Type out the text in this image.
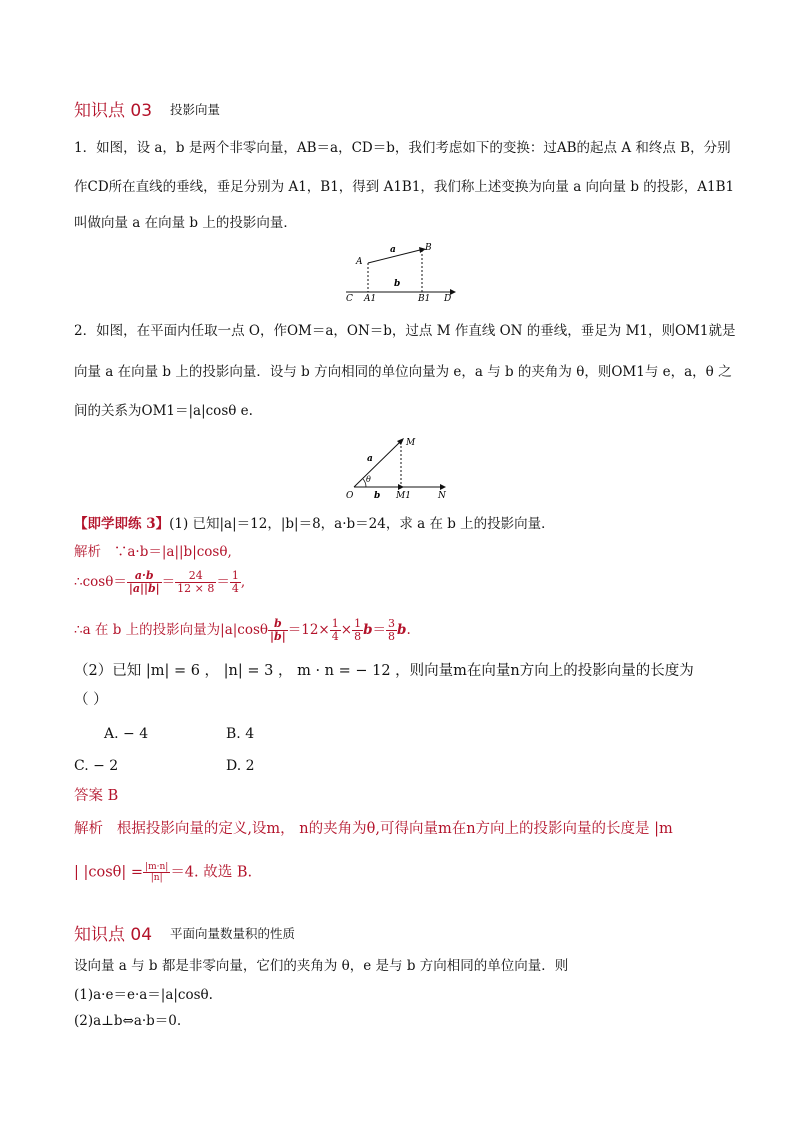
知识点 03 投影向量
1．如图，设 a，b 是两个非零向量，AB＝a，CD＝b，我们考虑如下的变换：过AB的起点 A 和终点 B，分别
作CD所在直线的垂线，垂足分别为 A1，B1，得到 A1B1，我们称上述变换为向量 a 向向量 b 的投影，A1B1
叫做向量 a 在向量 b 上的投影向量．
a
b
A
B
C A1	B1 D
2．如图，在平面内任取一点 O，作OM＝a，ON＝b，过点 M 作直线 ON 的垂线，垂足为 M1，则OM1就是
向量 a 在向量 b 上的投影向量．设与 b 方向相同的单位向量为 e，a 与 b 的夹角为 θ，则OM1与 e，a，θ 之
间的关系为OM1＝|a|cosθ e.
M
a
θ
O b M1	N
【即学即练 3】(1) 已知|a|＝12，|b|＝8，a·b＝24，求 a 在 b 上的投影向量．
解析 ∵a·b＝|a||b|cosθ,
∴cosθ＝ $\frac{a\cdot b}{|a||b|} = \frac{24}{12 \times 8} = \frac{1}{4}$ ,
∴a 在 b 上的投影向量为$|a|\cos\theta \frac{b}{|b|} =12\times \frac{1}{4} \times \frac{1}{8} b= \frac{3}{8} b$.
（2）已知 |m| = 6 ， |n| = 3 ， m · n = − 12 ，则向量m在向量n方向上的投影向量的长度为
（ ）
A. − 4	B. 4
C. − 2	D. 2
答案 B
解析 根据投影向量的定义,设m， n的夹角为θ,可得向量m在n方向上的投影向量的长度是 |m
| $|\cos\theta| = \frac{|m\cdot n|}{|n|} =4$. 故选 B.
知识点 04 平面向量数量积的性质
设向量 a 与 b 都是非零向量，它们的夹角为 θ，e 是与 b 方向相同的单位向量．则
(1)a·e＝e·a＝|a|cosθ.
(2)a⊥b⇔a·b＝0.
